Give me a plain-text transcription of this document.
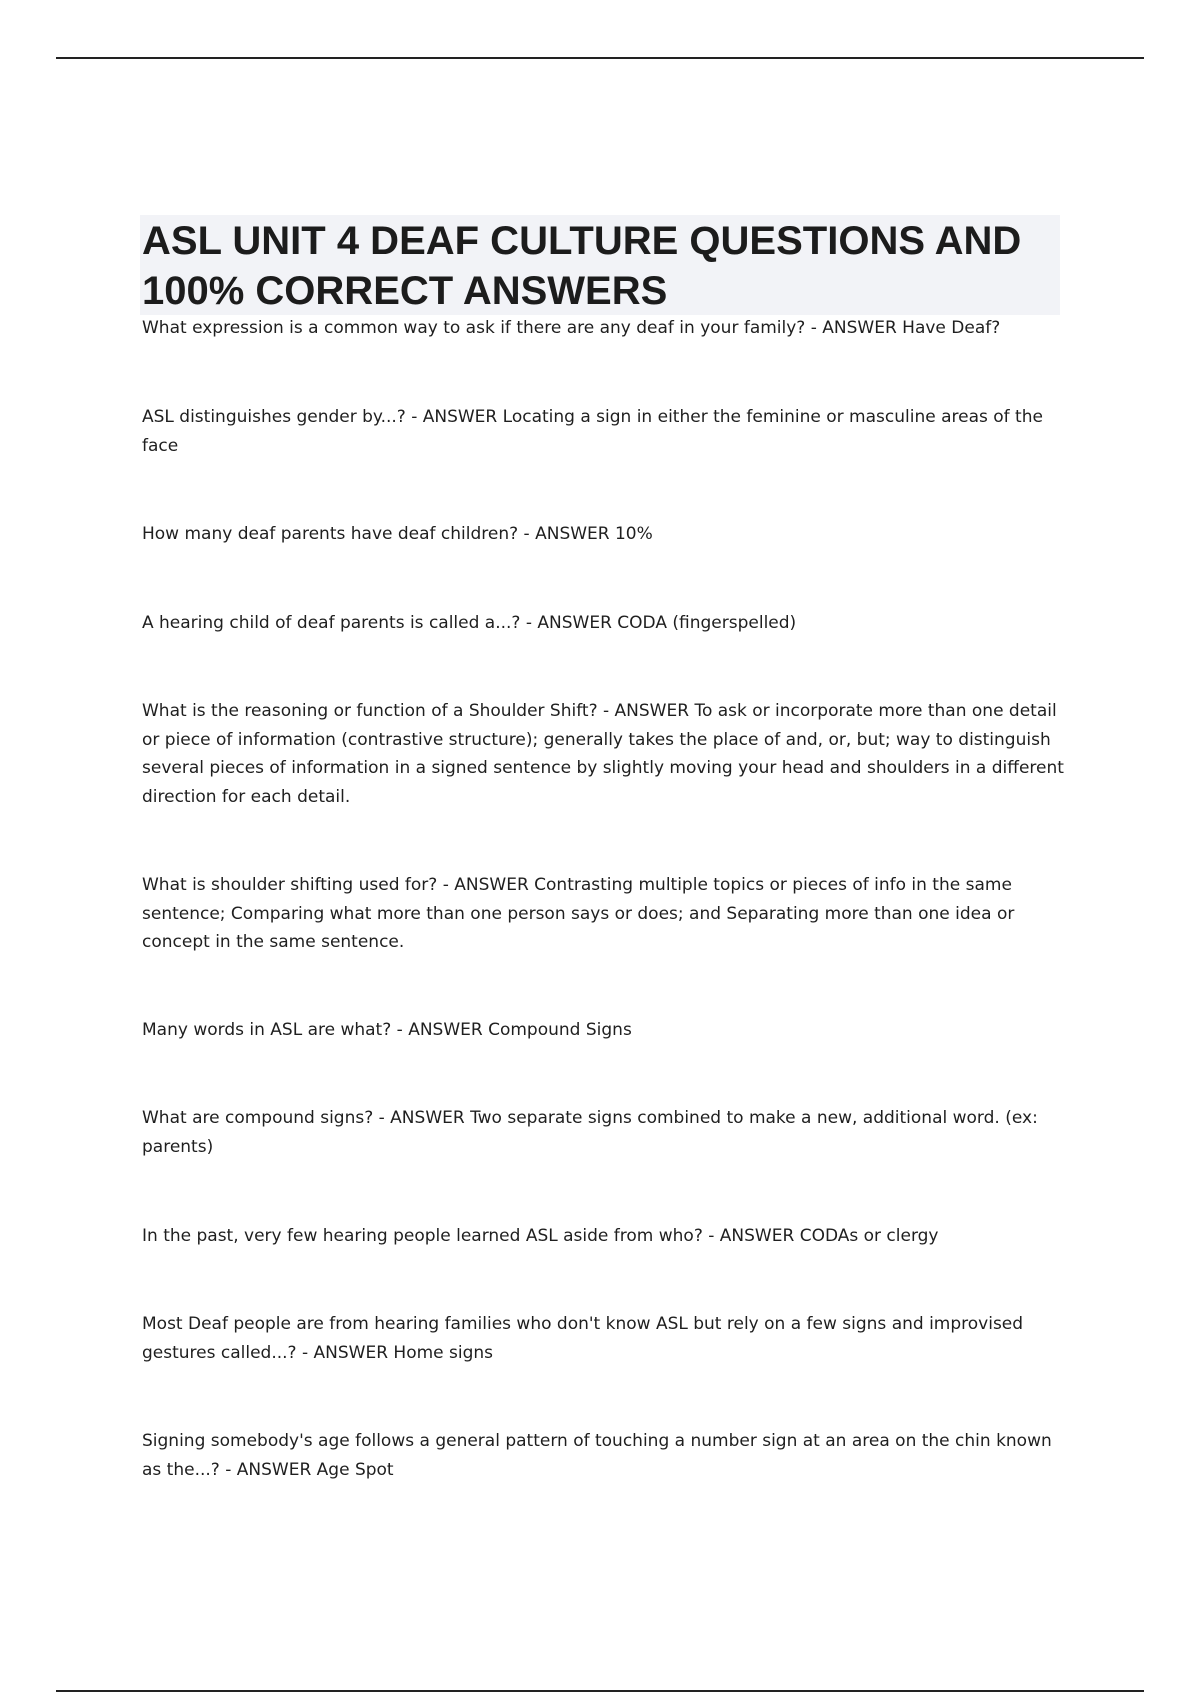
ASL UNIT 4 DEAF CULTURE QUESTIONS AND 100% CORRECT ANSWERS

What expression is a common way to ask if there are any deaf in your family? - ANSWER Have Deaf?

ASL distinguishes gender by...? - ANSWER Locating a sign in either the feminine or masculine areas of the face

How many deaf parents have deaf children? - ANSWER 10%

A hearing child of deaf parents is called a...? - ANSWER CODA (fingerspelled)

What is the reasoning or function of a Shoulder Shift? - ANSWER To ask or incorporate more than one detail or piece of information (contrastive structure); generally takes the place of and, or, but; way to distinguish several pieces of information in a signed sentence by slightly moving your head and shoulders in a different direction for each detail.

What is shoulder shifting used for? - ANSWER Contrasting multiple topics or pieces of info in the same sentence; Comparing what more than one person says or does; and Separating more than one idea or concept in the same sentence.

Many words in ASL are what? - ANSWER Compound Signs

What are compound signs? - ANSWER Two separate signs combined to make a new, additional word. (ex: parents)

In the past, very few hearing people learned ASL aside from who? - ANSWER CODAs or clergy

Most Deaf people are from hearing families who don't know ASL but rely on a few signs and improvised gestures called...? - ANSWER Home signs

Signing somebody's age follows a general pattern of touching a number sign at an area on the chin known as the...? - ANSWER Age Spot
